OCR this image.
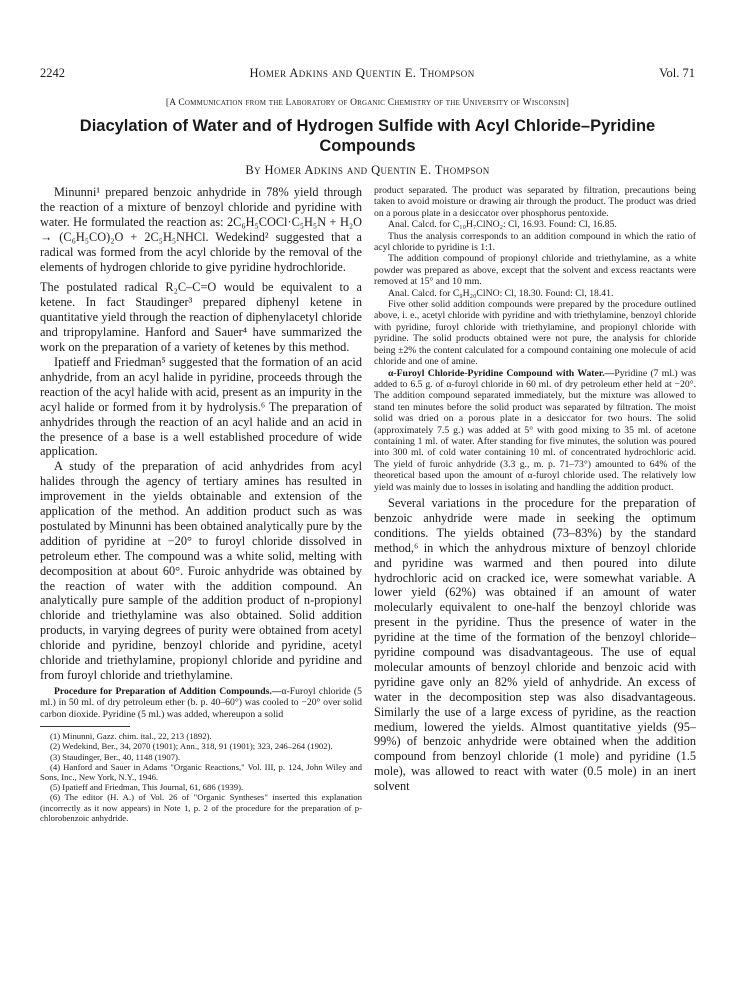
2242	Homer Adkins and Quentin E. Thompson	Vol. 71
[A Communication from the Laboratory of Organic Chemistry of the University of Wisconsin]
Diacylation of Water and of Hydrogen Sulfide with Acyl Chloride–Pyridine Compounds
By Homer Adkins and Quentin E. Thompson

Minunni¹ prepared benzoic anhydride in 78% yield through the reaction of a mixture of benzoyl chloride and pyridine with water. He formulated the reaction as: 2C₆H₅COCl·C₅H₅N + H₂O → (C₆H₅CO)₂O + 2C₅H₅NHCl. Wedekind² suggested that a radical was formed from the acyl chloride by the removal of the elements of hydrogen chloride to give pyridine hydrochloride.

The postulated radical R₂C–C=O would be equivalent to a ketene. In fact Staudinger³ prepared diphenyl ketene in quantitative yield through the reaction of diphenylacetyl chloride and tripropylamine. Hanford and Sauer⁴ have summarized the work on the preparation of a variety of ketenes by this method.

Ipatieff and Friedman⁵ suggested that the formation of an acid anhydride, from an acyl halide in pyridine, proceeds through the reaction of the acyl halide with acid, present as an impurity in the acyl halide or formed from it by hydrolysis.⁶ The preparation of anhydrides through the reaction of an acyl halide and an acid in the presence of a base is a well established procedure of wide application.

A study of the preparation of acid anhydrides from acyl halides through the agency of tertiary amines has resulted in improvement in the yields obtainable and extension of the application of the method. An addition product such as was postulated by Minunni has been obtained analytically pure by the addition of pyridine at −20° to furoyl chloride dissolved in petroleum ether. The compound was a white solid, melting with decomposition at about 60°. Furoic anhydride was obtained by the reaction of water with the addition compound. An analytically pure sample of the addition product of n-propionyl chloride and triethylamine was also obtained. Solid addition products, in varying degrees of purity were obtained from acetyl chloride and pyridine, benzoyl chloride and pyridine, acetyl chloride and triethylamine, propionyl chloride and pyridine and from furoyl chloride and triethylamine.

Procedure for Preparation of Addition Compounds.—α-Furoyl chloride (5 ml.) in 50 ml. of dry petroleum ether (b. p. 40–60°) was cooled to −20° over solid carbon dioxide. Pyridine (5 ml.) was added, whereupon a solid

(1) Minunni, Gazz. chim. ital., 22, 213 (1892).

(2) Wedekind, Ber., 34, 2070 (1901); Ann., 318, 91 (1901); 323, 246–264 (1902).

(3) Staudinger, Ber., 40, 1148 (1907).

(4) Hanford and Sauer in Adams "Organic Reactions," Vol. III, p. 124, John Wiley and Sons, Inc., New York, N.Y., 1946.

(5) Ipatieff and Friedman, This Journal, 61, 686 (1939).

(6) The editor (H. A.) of Vol. 26 of "Organic Syntheses" inserted this explanation (incorrectly as it now appears) in Note 1, p. 2 of the procedure for the preparation of p-chlorobenzoic anhydride.

product separated. The product was separated by filtration, precautions being taken to avoid moisture or drawing air through the product. The product was dried on a porous plate in a desiccator over phosphorus pentoxide.

Anal. Calcd. for C₁₀H₇ClNO₂: Cl, 16.93. Found: Cl, 16.85.

Thus the analysis corresponds to an addition compound in which the ratio of acyl chloride to pyridine is 1:1.

The addition compound of propionyl chloride and triethylamine, as a white powder was prepared as above, except that the solvent and excess reactants were removed at 15° and 10 mm.

Anal. Calcd. for C₉H₂₀ClNO: Cl, 18.30. Found: Cl, 18.41.

Five other solid addition compounds were prepared by the procedure outlined above, i. e., acetyl chloride with pyridine and with triethylamine, benzoyl chloride with pyridine, furoyl chloride with triethylamine, and propionyl chloride with pyridine. The solid products obtained were not pure, the analysis for chloride being ±2% the content calculated for a compound containing one molecule of acid chloride and one of amine.

α-Furoyl Chloride-Pyridine Compound with Water.—Pyridine (7 ml.) was added to 6.5 g. of α-furoyl chloride in 60 ml. of dry petroleum ether held at −20°. The addition compound separated immediately, but the mixture was allowed to stand ten minutes before the solid product was separated by filtration. The moist solid was dried on a porous plate in a desiccator for two hours. The solid (approximately 7.5 g.) was added at 5° with good mixing to 35 ml. of acetone containing 1 ml. of water. After standing for five minutes, the solution was poured into 300 ml. of cold water containing 10 ml. of concentrated hydrochloric acid. The yield of furoic anhydride (3.3 g., m. p. 71–73°) amounted to 64% of the theoretical based upon the amount of α-furoyl chloride used. The relatively low yield was mainly due to losses in isolating and handling the addition product.

Several variations in the procedure for the preparation of benzoic anhydride were made in seeking the optimum conditions. The yields obtained (73–83%) by the standard method,⁶ in which the anhydrous mixture of benzoyl chloride and pyridine was warmed and then poured into dilute hydrochloric acid on cracked ice, were somewhat variable. A lower yield (62%) was obtained if an amount of water molecularly equivalent to one-half the benzoyl chloride was present in the pyridine. Thus the presence of water in the pyridine at the time of the formation of the benzoyl chloride–pyridine compound was disadvantageous. The use of equal molecular amounts of benzoyl chloride and benzoic acid with pyridine gave only an 82% yield of anhydride. An excess of water in the decomposition step was also disadvantageous. Similarly the use of a large excess of pyridine, as the reaction medium, lowered the yields. Almost quantitative yields (95–99%) of benzoic anhydride were obtained when the addition compound from benzoyl chloride (1 mole) and pyridine (1.5 mole), was allowed to react with water (0.5 mole) in an inert solvent
